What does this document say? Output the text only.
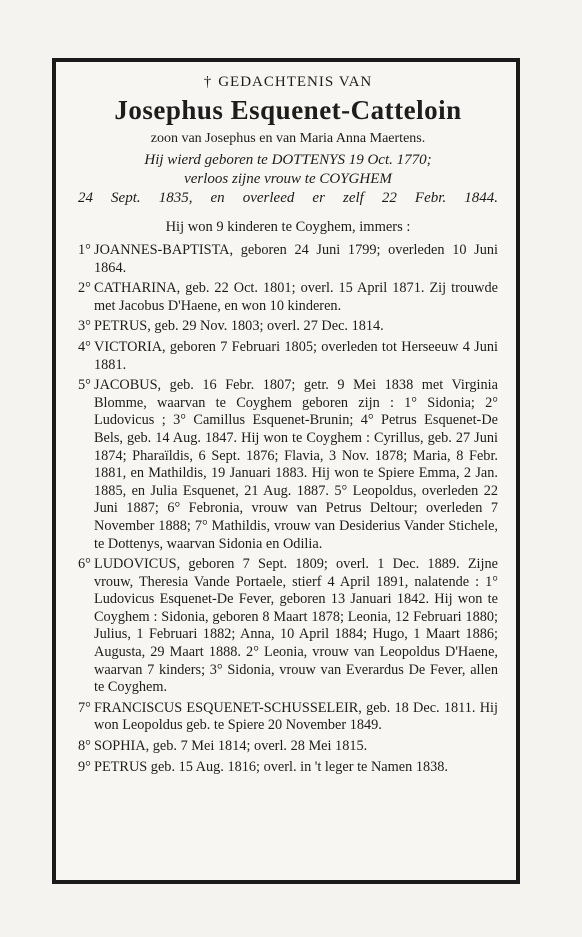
† GEDACHTENIS VAN
Josephus Esquenet-Catteloin
zoon van Josephus en van Maria Anna Maertens.
Hij wierd geboren te DOTTENYS 19 Oct. 1770;
verloos zijne vrouw te COYGHEM
24 Sept. 1835, en overleed er zelf 22 Febr. 1844.
Hij won 9 kinderen te Coyghem, immers :
1° JOANNES-BAPTISTA, geboren 24 Juni 1799; overleden 10 Juni 1864.
2° CATHARINA, geb. 22 Oct. 1801; overl. 15 April 1871. Zij trouwde met Jacobus D'Haene, en won 10 kinderen.
3° PETRUS, geb. 29 Nov. 1803; overl. 27 Dec. 1814.
4° VICTORIA, geboren 7 Februari 1805; overleden tot Herseeuw 4 Juni 1881.
5° JACOBUS, geb. 16 Febr. 1807; getr. 9 Mei 1838 met Virginia Blomme, waarvan te Coyghem geboren zijn : 1° Sidonia; 2° Ludovicus ; 3° Camillus Esquenet-Brunin; 4° Petrus Esquenet-De Bels, geb. 14 Aug. 1847. Hij won te Coyghem : Cyrillus, geb. 27 Juni 1874; Pharaïldis, 6 Sept. 1876; Flavia, 3 Nov. 1878; Maria, 8 Febr. 1881, en Mathildis, 19 Januari 1883. Hij won te Spiere Emma, 2 Jan. 1885, en Julia Esquenet, 21 Aug. 1887. 5° Leopoldus, overleden 22 Juni 1887; 6° Febronia, vrouw van Petrus Deltour; overleden 7 November 1888; 7° Mathildis, vrouw van Desiderius Vander Stichele, te Dottenys, waarvan Sidonia en Odilia.
6° LUDOVICUS, geboren 7 Sept. 1809; overl. 1 Dec. 1889. Zijne vrouw, Theresia Vande Portaele, stierf 4 April 1891, nalatende : 1° Ludovicus Esquenet-De Fever, geboren 13 Januari 1842. Hij won te Coyghem : Sidonia, geboren 8 Maart 1878; Leonia, 12 Februari 1880; Julius, 1 Februari 1882; Anna, 10 April 1884; Hugo, 1 Maart 1886; Augusta, 29 Maart 1888. 2° Leonia, vrouw van Leopoldus D'Haene, waarvan 7 kinders; 3° Sidonia, vrouw van Everardus De Fever, allen te Coyghem.
7° FRANCISCUS ESQUENET-SCHUSSELEIR, geb. 18 Dec. 1811. Hij won Leopoldus geb. te Spiere 20 November 1849.
8° SOPHIA, geb. 7 Mei 1814; overl. 28 Mei 1815.
9° PETRUS geb. 15 Aug. 1816; overl. in 't leger te Namen 1838.
